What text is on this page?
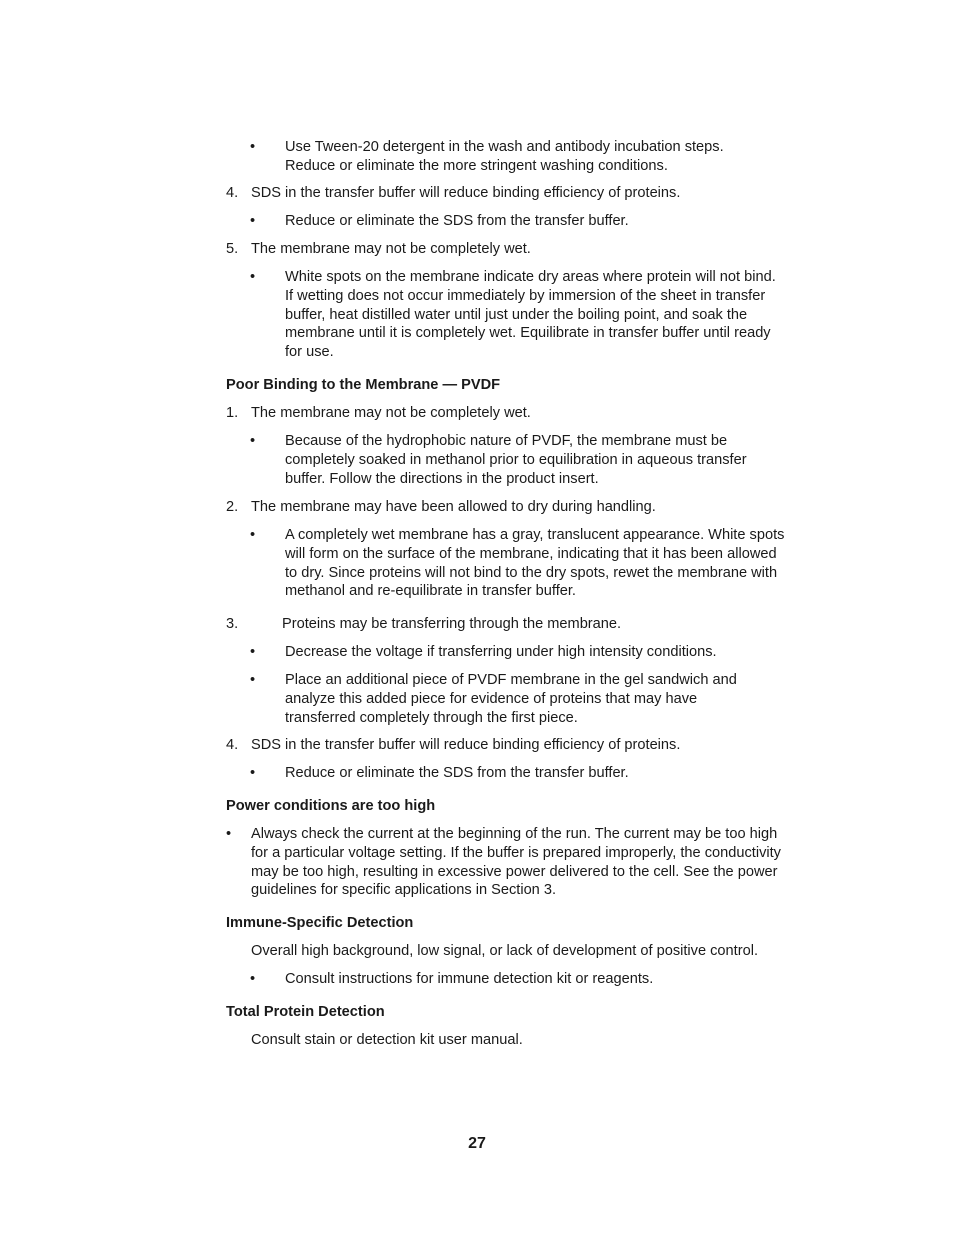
•	Use Tween-20 detergent in the wash and antibody incubation steps. Reduce or eliminate the more stringent washing conditions.
4. SDS in the transfer buffer will reduce binding efficiency of proteins.
•	Reduce or eliminate the SDS from the transfer buffer.
5. The membrane may not be completely wet.
•	White spots on the membrane indicate dry areas where protein will not bind. If wetting does not occur immediately by immersion of the sheet in transfer buffer, heat distilled water until just under the boiling point, and soak the membrane until it is completely wet. Equilibrate in transfer buffer until ready for use.
Poor Binding to the Membrane — PVDF
1. The membrane may not be completely wet.
•	Because of the hydrophobic nature of PVDF, the membrane must be completely soaked in methanol prior to equilibration in aqueous transfer buffer. Follow the directions in the product insert.
2. The membrane may have been allowed to dry during handling.
•	A completely wet membrane has a gray, translucent appearance. White spots will form on the surface of the membrane, indicating that it has been allowed to dry. Since proteins will not bind to the dry spots, rewet the membrane with methanol and re-equilibrate in transfer buffer.
3.	Proteins may be transferring through the membrane.
•	Decrease the voltage if transferring under high intensity conditions.
•	Place an additional piece of PVDF membrane in the gel sandwich and analyze this added piece for evidence of proteins that may have transferred completely through the first piece.
4. SDS in the transfer buffer will reduce binding efficiency of proteins.
•	Reduce or eliminate the SDS from the transfer buffer.
Power conditions are too high
•	Always check the current at the beginning of the run. The current may be too high for a particular voltage setting. If the buffer is prepared improperly, the conductivity may be too high, resulting in excessive power delivered to the cell. See the power guidelines for specific applications in Section 3.
Immune-Specific Detection
Overall high background, low signal, or lack of development of positive control.
•	Consult instructions for immune detection kit or reagents.
Total Protein Detection
Consult stain or detection kit user manual.
27
